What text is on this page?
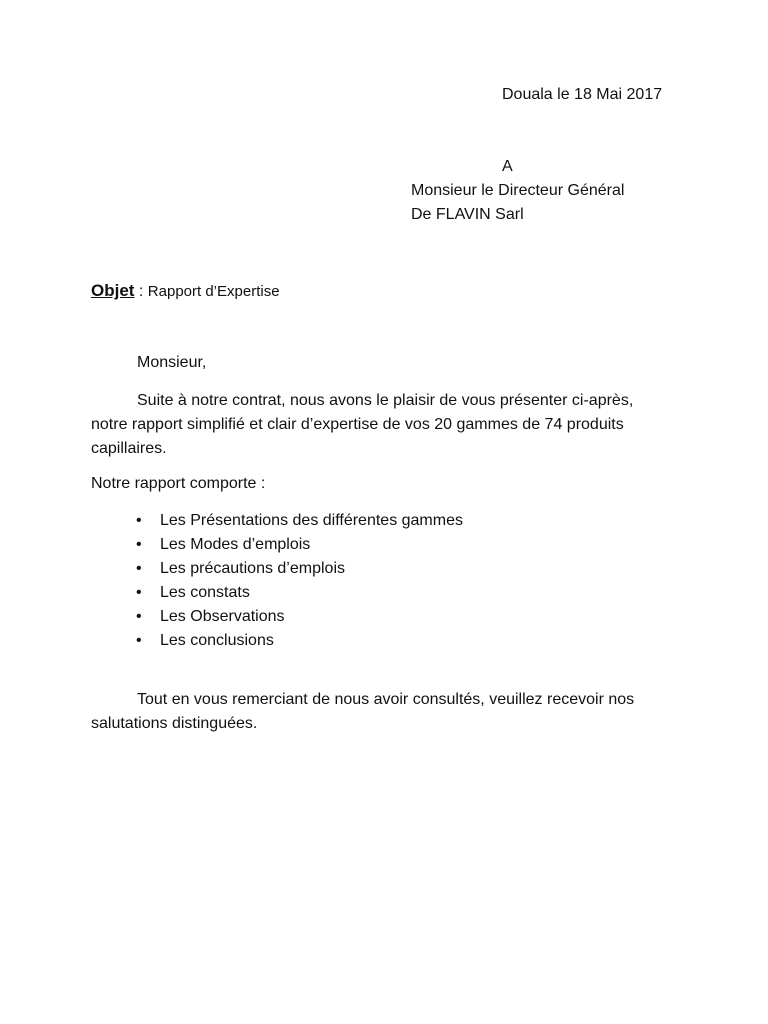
Douala le 18 Mai 2017
A
Monsieur le Directeur Général
De FLAVIN Sarl
Objet : Rapport d’Expertise
Monsieur,
Suite à notre contrat, nous avons le plaisir de vous présenter ci-après, notre rapport simplifié et clair d’expertise de vos 20 gammes de 74 produits capillaires.
Notre rapport comporte :
• Les Présentations des différentes gammes
• Les Modes d’emplois
• Les précautions d’emplois
• Les constats
• Les Observations
• Les conclusions
Tout en vous remerciant de nous avoir consultés, veuillez recevoir nos salutations distinguées.
